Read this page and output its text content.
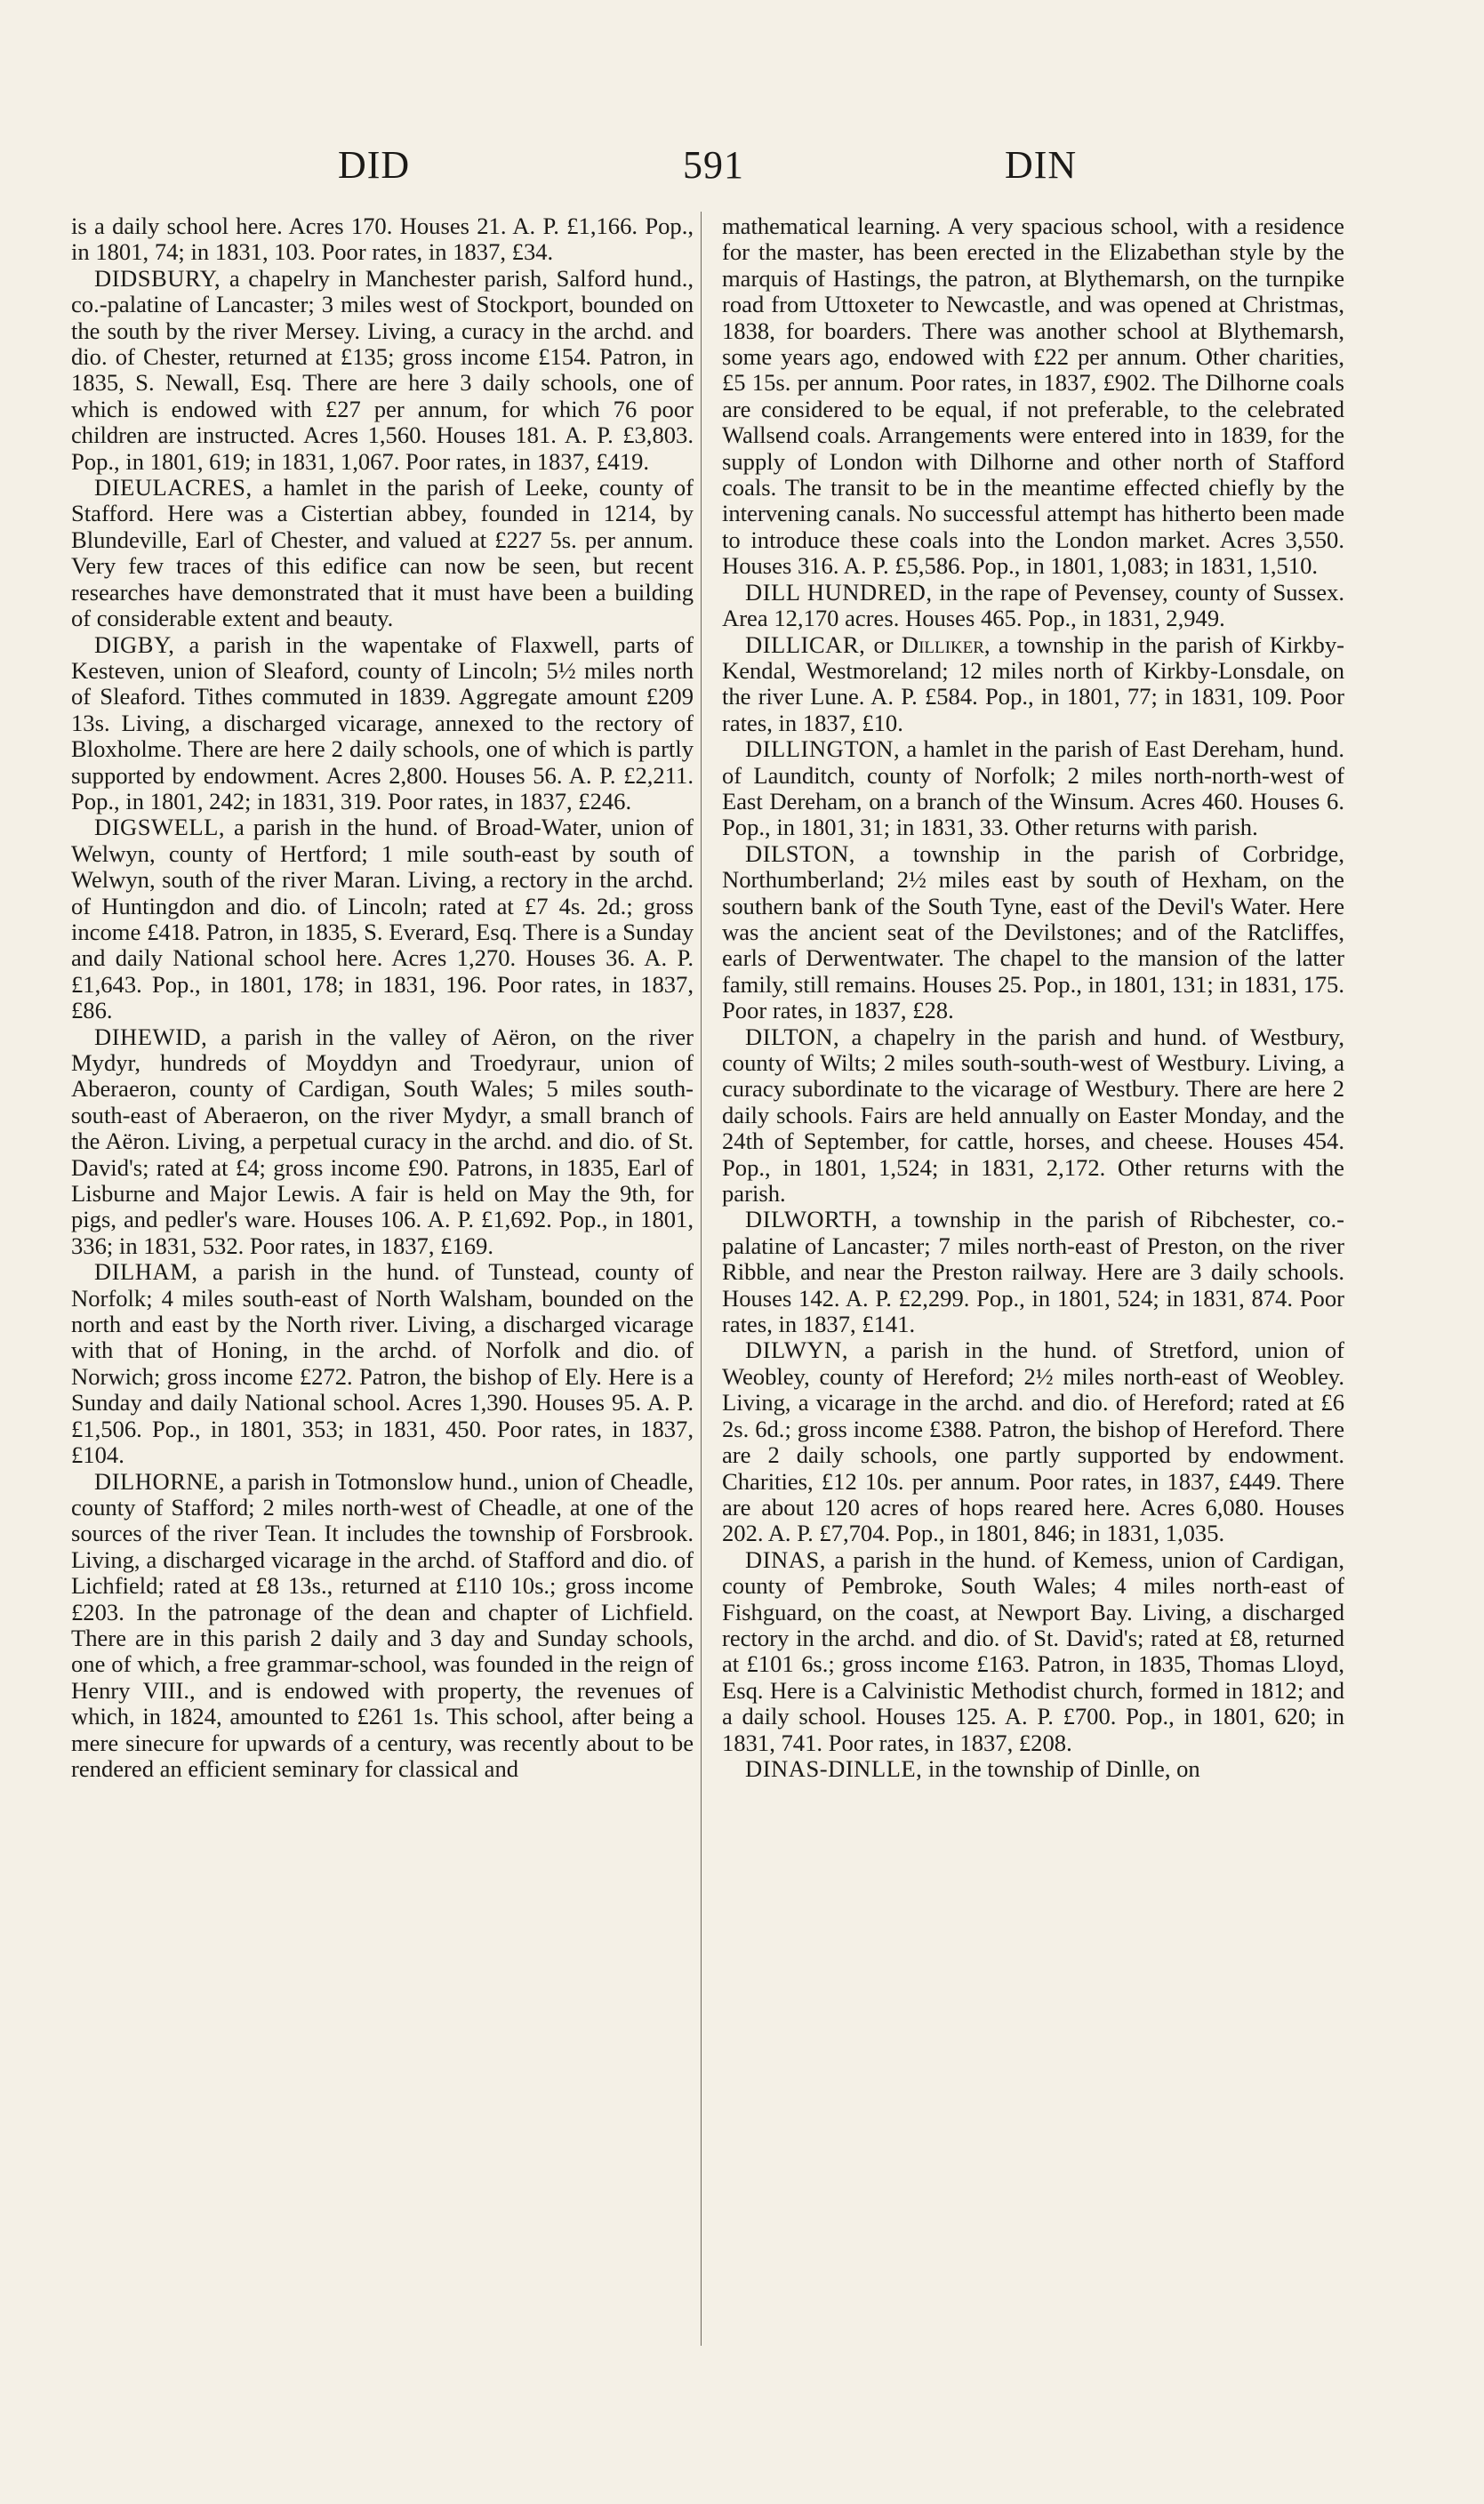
DID	591	DIN

is a daily school here. Acres 170. Houses 21. A. P. £1,166. Pop., in 1801, 74; in 1831, 103. Poor rates, in 1837, £34.

DIDSBURY, a chapelry in Manchester parish, Salford hund., co.-palatine of Lancaster; 3 miles west of Stockport, bounded on the south by the river Mersey. Living, a curacy in the archd. and dio. of Chester, returned at £135; gross income £154. Patron, in 1835, S. Newall, Esq. There are here 3 daily schools, one of which is endowed with £27 per annum, for which 76 poor children are instructed. Acres 1,560. Houses 181. A. P. £3,803. Pop., in 1801, 619; in 1831, 1,067. Poor rates, in 1837, £419.

DIEULACRES, a hamlet in the parish of Leeke, county of Stafford. Here was a Cistertian abbey, founded in 1214, by Blundeville, Earl of Chester, and valued at £227 5s. per annum. Very few traces of this edifice can now be seen, but recent researches have demonstrated that it must have been a building of considerable extent and beauty.

DIGBY, a parish in the wapentake of Flaxwell, parts of Kesteven, union of Sleaford, county of Lincoln; 5½ miles north of Sleaford. Tithes commuted in 1839. Aggregate amount £209 13s. Living, a discharged vicarage, annexed to the rectory of Bloxholme. There are here 2 daily schools, one of which is partly supported by endowment. Acres 2,800. Houses 56. A. P. £2,211. Pop., in 1801, 242; in 1831, 319. Poor rates, in 1837, £246.

DIGSWELL, a parish in the hund. of Broad-Water, union of Welwyn, county of Hertford; 1 mile south-east by south of Welwyn, south of the river Maran. Living, a rectory in the archd. of Huntingdon and dio. of Lincoln; rated at £7 4s. 2d.; gross income £418. Patron, in 1835, S. Everard, Esq. There is a Sunday and daily National school here. Acres 1,270. Houses 36. A. P. £1,643. Pop., in 1801, 178; in 1831, 196. Poor rates, in 1837, £86.

DIHEWID, a parish in the valley of Aëron, on the river Mydyr, hundreds of Moyddyn and Troedyraur, union of Aberaeron, county of Cardigan, South Wales; 5 miles south-south-east of Aberaeron, on the river Mydyr, a small branch of the Aëron. Living, a perpetual curacy in the archd. and dio. of St. David's; rated at £4; gross income £90. Patrons, in 1835, Earl of Lisburne and Major Lewis. A fair is held on May the 9th, for pigs, and pedler's ware. Houses 106. A. P. £1,692. Pop., in 1801, 336; in 1831, 532. Poor rates, in 1837, £169.

DILHAM, a parish in the hund. of Tunstead, county of Norfolk; 4 miles south-east of North Walsham, bounded on the north and east by the North river. Living, a discharged vicarage with that of Honing, in the archd. of Norfolk and dio. of Norwich; gross income £272. Patron, the bishop of Ely. Here is a Sunday and daily National school. Acres 1,390. Houses 95. A. P. £1,506. Pop., in 1801, 353; in 1831, 450. Poor rates, in 1837, £104.

DILHORNE, a parish in Totmonslow hund., union of Cheadle, county of Stafford; 2 miles north-west of Cheadle, at one of the sources of the river Tean. It includes the township of Forsbrook. Living, a discharged vicarage in the archd. of Stafford and dio. of Lichfield; rated at £8 13s., returned at £110 10s.; gross income £203. In the patronage of the dean and chapter of Lichfield. There are in this parish 2 daily and 3 day and Sunday schools, one of which, a free grammar-school, was founded in the reign of Henry VIII., and is endowed with property, the revenues of which, in 1824, amounted to £261 1s. This school, after being a mere sinecure for upwards of a century, was recently about to be rendered an efficient seminary for classical and

mathematical learning. A very spacious school, with a residence for the master, has been erected in the Elizabethan style by the marquis of Hastings, the patron, at Blythemarsh, on the turnpike road from Uttoxeter to Newcastle, and was opened at Christmas, 1838, for boarders. There was another school at Blythemarsh, some years ago, endowed with £22 per annum. Other charities, £5 15s. per annum. Poor rates, in 1837, £902. The Dilhorne coals are considered to be equal, if not preferable, to the celebrated Wallsend coals. Arrangements were entered into in 1839, for the supply of London with Dilhorne and other north of Stafford coals. The transit to be in the meantime effected chiefly by the intervening canals. No successful attempt has hitherto been made to introduce these coals into the London market. Acres 3,550. Houses 316. A. P. £5,586. Pop., in 1801, 1,083; in 1831, 1,510.

DILL HUNDRED, in the rape of Pevensey, county of Sussex. Area 12,170 acres. Houses 465. Pop., in 1831, 2,949.

DILLICAR, or Dilliker, a township in the parish of Kirkby-Kendal, Westmoreland; 12 miles north of Kirkby-Lonsdale, on the river Lune. A. P. £584. Pop., in 1801, 77; in 1831, 109. Poor rates, in 1837, £10.

DILLINGTON, a hamlet in the parish of East Dereham, hund. of Launditch, county of Norfolk; 2 miles north-north-west of East Dereham, on a branch of the Winsum. Acres 460. Houses 6. Pop., in 1801, 31; in 1831, 33. Other returns with parish.

DILSTON, a township in the parish of Corbridge, Northumberland; 2½ miles east by south of Hexham, on the southern bank of the South Tyne, east of the Devil's Water. Here was the ancient seat of the Devilstones; and of the Ratcliffes, earls of Derwentwater. The chapel to the mansion of the latter family, still remains. Houses 25. Pop., in 1801, 131; in 1831, 175. Poor rates, in 1837, £28.

DILTON, a chapelry in the parish and hund. of Westbury, county of Wilts; 2 miles south-south-west of Westbury. Living, a curacy subordinate to the vicarage of Westbury. There are here 2 daily schools. Fairs are held annually on Easter Monday, and the 24th of September, for cattle, horses, and cheese. Houses 454. Pop., in 1801, 1,524; in 1831, 2,172. Other returns with the parish.

DILWORTH, a township in the parish of Ribchester, co.-palatine of Lancaster; 7 miles north-east of Preston, on the river Ribble, and near the Preston railway. Here are 3 daily schools. Houses 142. A. P. £2,299. Pop., in 1801, 524; in 1831, 874. Poor rates, in 1837, £141.

DILWYN, a parish in the hund. of Stretford, union of Weobley, county of Hereford; 2½ miles north-east of Weobley. Living, a vicarage in the archd. and dio. of Hereford; rated at £6 2s. 6d.; gross income £388. Patron, the bishop of Hereford. There are 2 daily schools, one partly supported by endowment. Charities, £12 10s. per annum. Poor rates, in 1837, £449. There are about 120 acres of hops reared here. Acres 6,080. Houses 202. A. P. £7,704. Pop., in 1801, 846; in 1831, 1,035.

DINAS, a parish in the hund. of Kemess, union of Cardigan, county of Pembroke, South Wales; 4 miles north-east of Fishguard, on the coast, at Newport Bay. Living, a discharged rectory in the archd. and dio. of St. David's; rated at £8, returned at £101 6s.; gross income £163. Patron, in 1835, Thomas Lloyd, Esq. Here is a Calvinistic Methodist church, formed in 1812; and a daily school. Houses 125. A. P. £700. Pop., in 1801, 620; in 1831, 741. Poor rates, in 1837, £208.

DINAS-DINLLE, in the township of Dinlle, on
